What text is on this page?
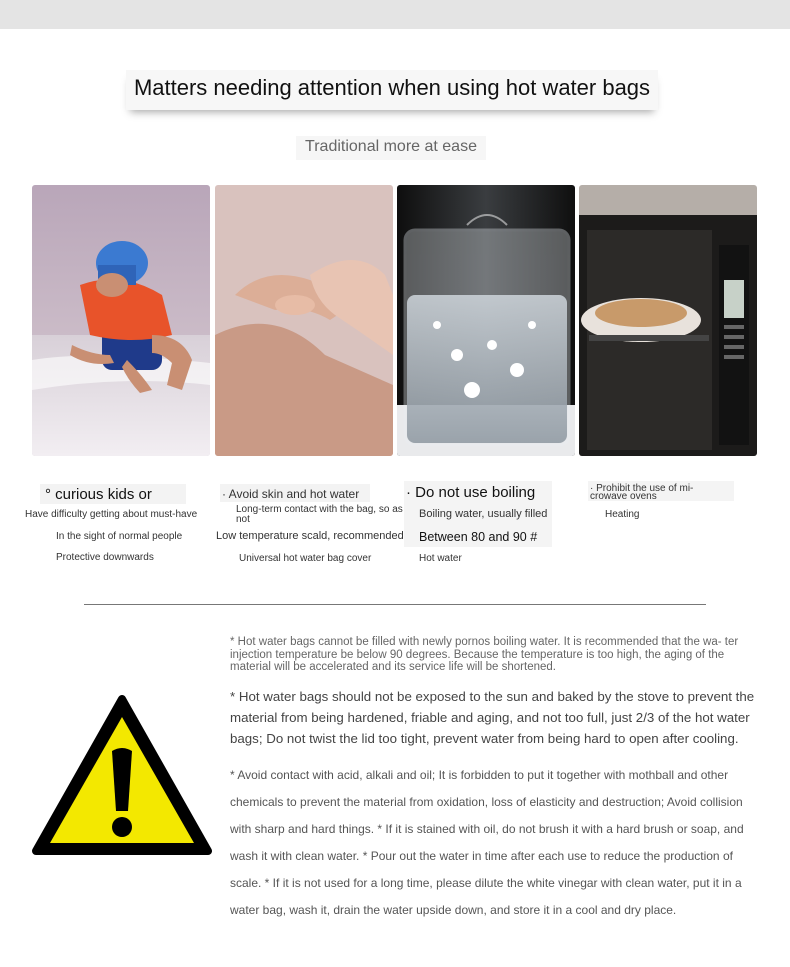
Matters needing attention when using hot water bags
Traditional more at ease
° curious kids or
Have difficulty getting about must-have
In the sight of normal people
Protective downwards
· Avoid skin and hot water
Long-term contact with the bag, so as
not
Low temperature scald, recommended
Universal hot water bag cover
· Do not use boiling
Boiling water, usually filled
Between 80 and 90 #
Hot water
· Prohibit the use of mi-
crowave ovens
Heating
* Hot water bags cannot be filled with newly pornos boiling water. It is recommended that the wa- ter injection temperature be below 90 degrees. Because the temperature is too high, the aging of the material will be accelerated and its service life will be shortened.
* Hot water bags should not be exposed to the sun and baked by the stove to prevent the material from being hardened, friable and aging, and not too full, just 2/3 of the hot water bags; Do not twist the lid too tight, prevent water from being hard to open after cooling.
* Avoid contact with acid, alkali and oil; It is forbidden to put it together with mothball and other chemicals to prevent the material from oxidation, loss of elasticity and destruction; Avoid collision with sharp and hard things. * If it is stained with oil, do not brush it with a hard brush or soap, and wash it with clean water. * Pour out the water in time after each use to reduce the production of scale. * If it is not used for a long time, please dilute the white vinegar with clean water, put it in a water bag, wash it, drain the water upside down, and store it in a cool and dry place.
